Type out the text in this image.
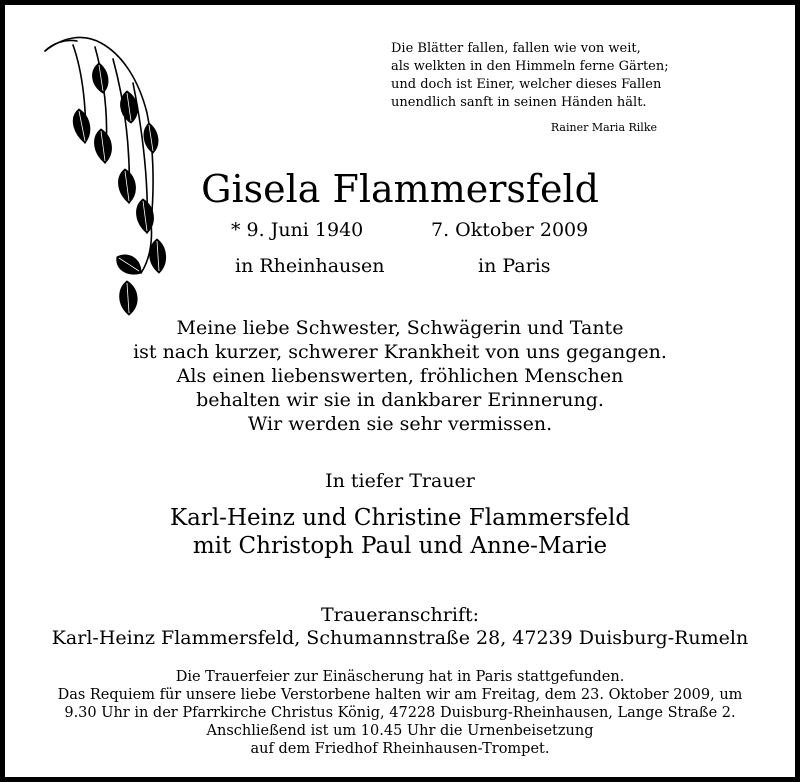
Die Blätter fallen, fallen wie von weit,
als welkten in den Himmeln ferne Gärten;
und doch ist Einer, welcher dieses Fallen
unendlich sanft in seinen Händen hält.
Rainer Maria Rilke
Gisela Flammersfeld
* 9. Juni 1940	7. Oktober 2009
in Rheinhausen	in Paris
Meine liebe Schwester, Schwägerin und Tante
ist nach kurzer, schwerer Krankheit von uns gegangen.
Als einen liebenswerten, fröhlichen Menschen
behalten wir sie in dankbarer Erinnerung.
Wir werden sie sehr vermissen.
In tiefer Trauer
Karl-Heinz und Christine Flammersfeld
mit Christoph Paul und Anne-Marie
Traueranschrift:
Karl-Heinz Flammersfeld, Schumannstraße 28, 47239 Duisburg-Rumeln
Die Trauerfeier zur Einäscherung hat in Paris stattgefunden.
Das Requiem für unsere liebe Verstorbene halten wir am Freitag, dem 23. Oktober 2009, um
9.30 Uhr in der Pfarrkirche Christus König, 47228 Duisburg-Rheinhausen, Lange Straße 2.
Anschließend ist um 10.45 Uhr die Urnenbeisetzung
auf dem Friedhof Rheinhausen-Trompet.
